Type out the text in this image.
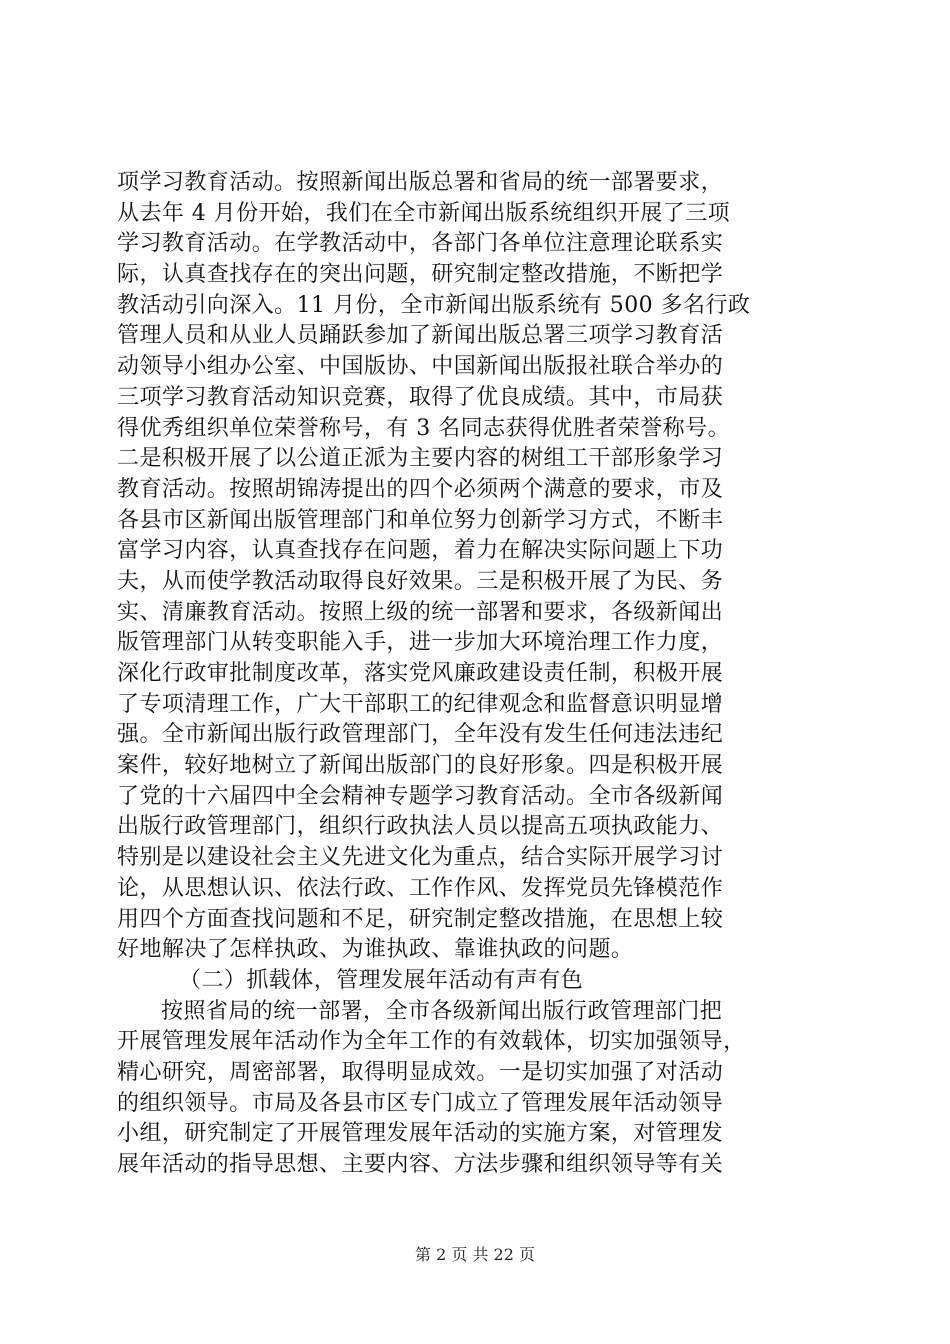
项学习教育活动。按照新闻出版总署和省局的统一部署要求，
从去年 4 月份开始，我们在全市新闻出版系统组织开展了三项
学习教育活动。在学教活动中，各部门各单位注意理论联系实
际，认真查找存在的突出问题，研究制定整改措施，不断把学
教活动引向深入。11 月份，全市新闻出版系统有 500 多名行政
管理人员和从业人员踊跃参加了新闻出版总署三项学习教育活
动领导小组办公室、中国版协、中国新闻出版报社联合举办的
三项学习教育活动知识竞赛，取得了优良成绩。其中，市局获
得优秀组织单位荣誉称号，有 3 名同志获得优胜者荣誉称号。
二是积极开展了以公道正派为主要内容的树组工干部形象学习
教育活动。按照胡锦涛提出的四个必须两个满意的要求，市及
各县市区新闻出版管理部门和单位努力创新学习方式，不断丰
富学习内容，认真查找存在问题，着力在解决实际问题上下功
夫，从而使学教活动取得良好效果。三是积极开展了为民、务
实、清廉教育活动。按照上级的统一部署和要求，各级新闻出
版管理部门从转变职能入手，进一步加大环境治理工作力度，
深化行政审批制度改革，落实党风廉政建设责任制，积极开展
了专项清理工作，广大干部职工的纪律观念和监督意识明显增
强。全市新闻出版行政管理部门，全年没有发生任何违法违纪
案件，较好地树立了新闻出版部门的良好形象。四是积极开展
了党的十六届四中全会精神专题学习教育活动。全市各级新闻
出版行政管理部门，组织行政执法人员以提高五项执政能力、
特别是以建设社会主义先进文化为重点，结合实际开展学习讨
论，从思想认识、依法行政、工作作风、发挥党员先锋模范作
用四个方面查找问题和不足，研究制定整改措施，在思想上较
好地解决了怎样执政、为谁执政、靠谁执政的问题。
（二）抓载体，管理发展年活动有声有色
按照省局的统一部署，全市各级新闻出版行政管理部门把
开展管理发展年活动作为全年工作的有效载体，切实加强领导，
精心研究，周密部署，取得明显成效。一是切实加强了对活动
的组织领导。市局及各县市区专门成立了管理发展年活动领导
小组，研究制定了开展管理发展年活动的实施方案，对管理发
展年活动的指导思想、主要内容、方法步骤和组织领导等有关
第 2 页 共 22 页
